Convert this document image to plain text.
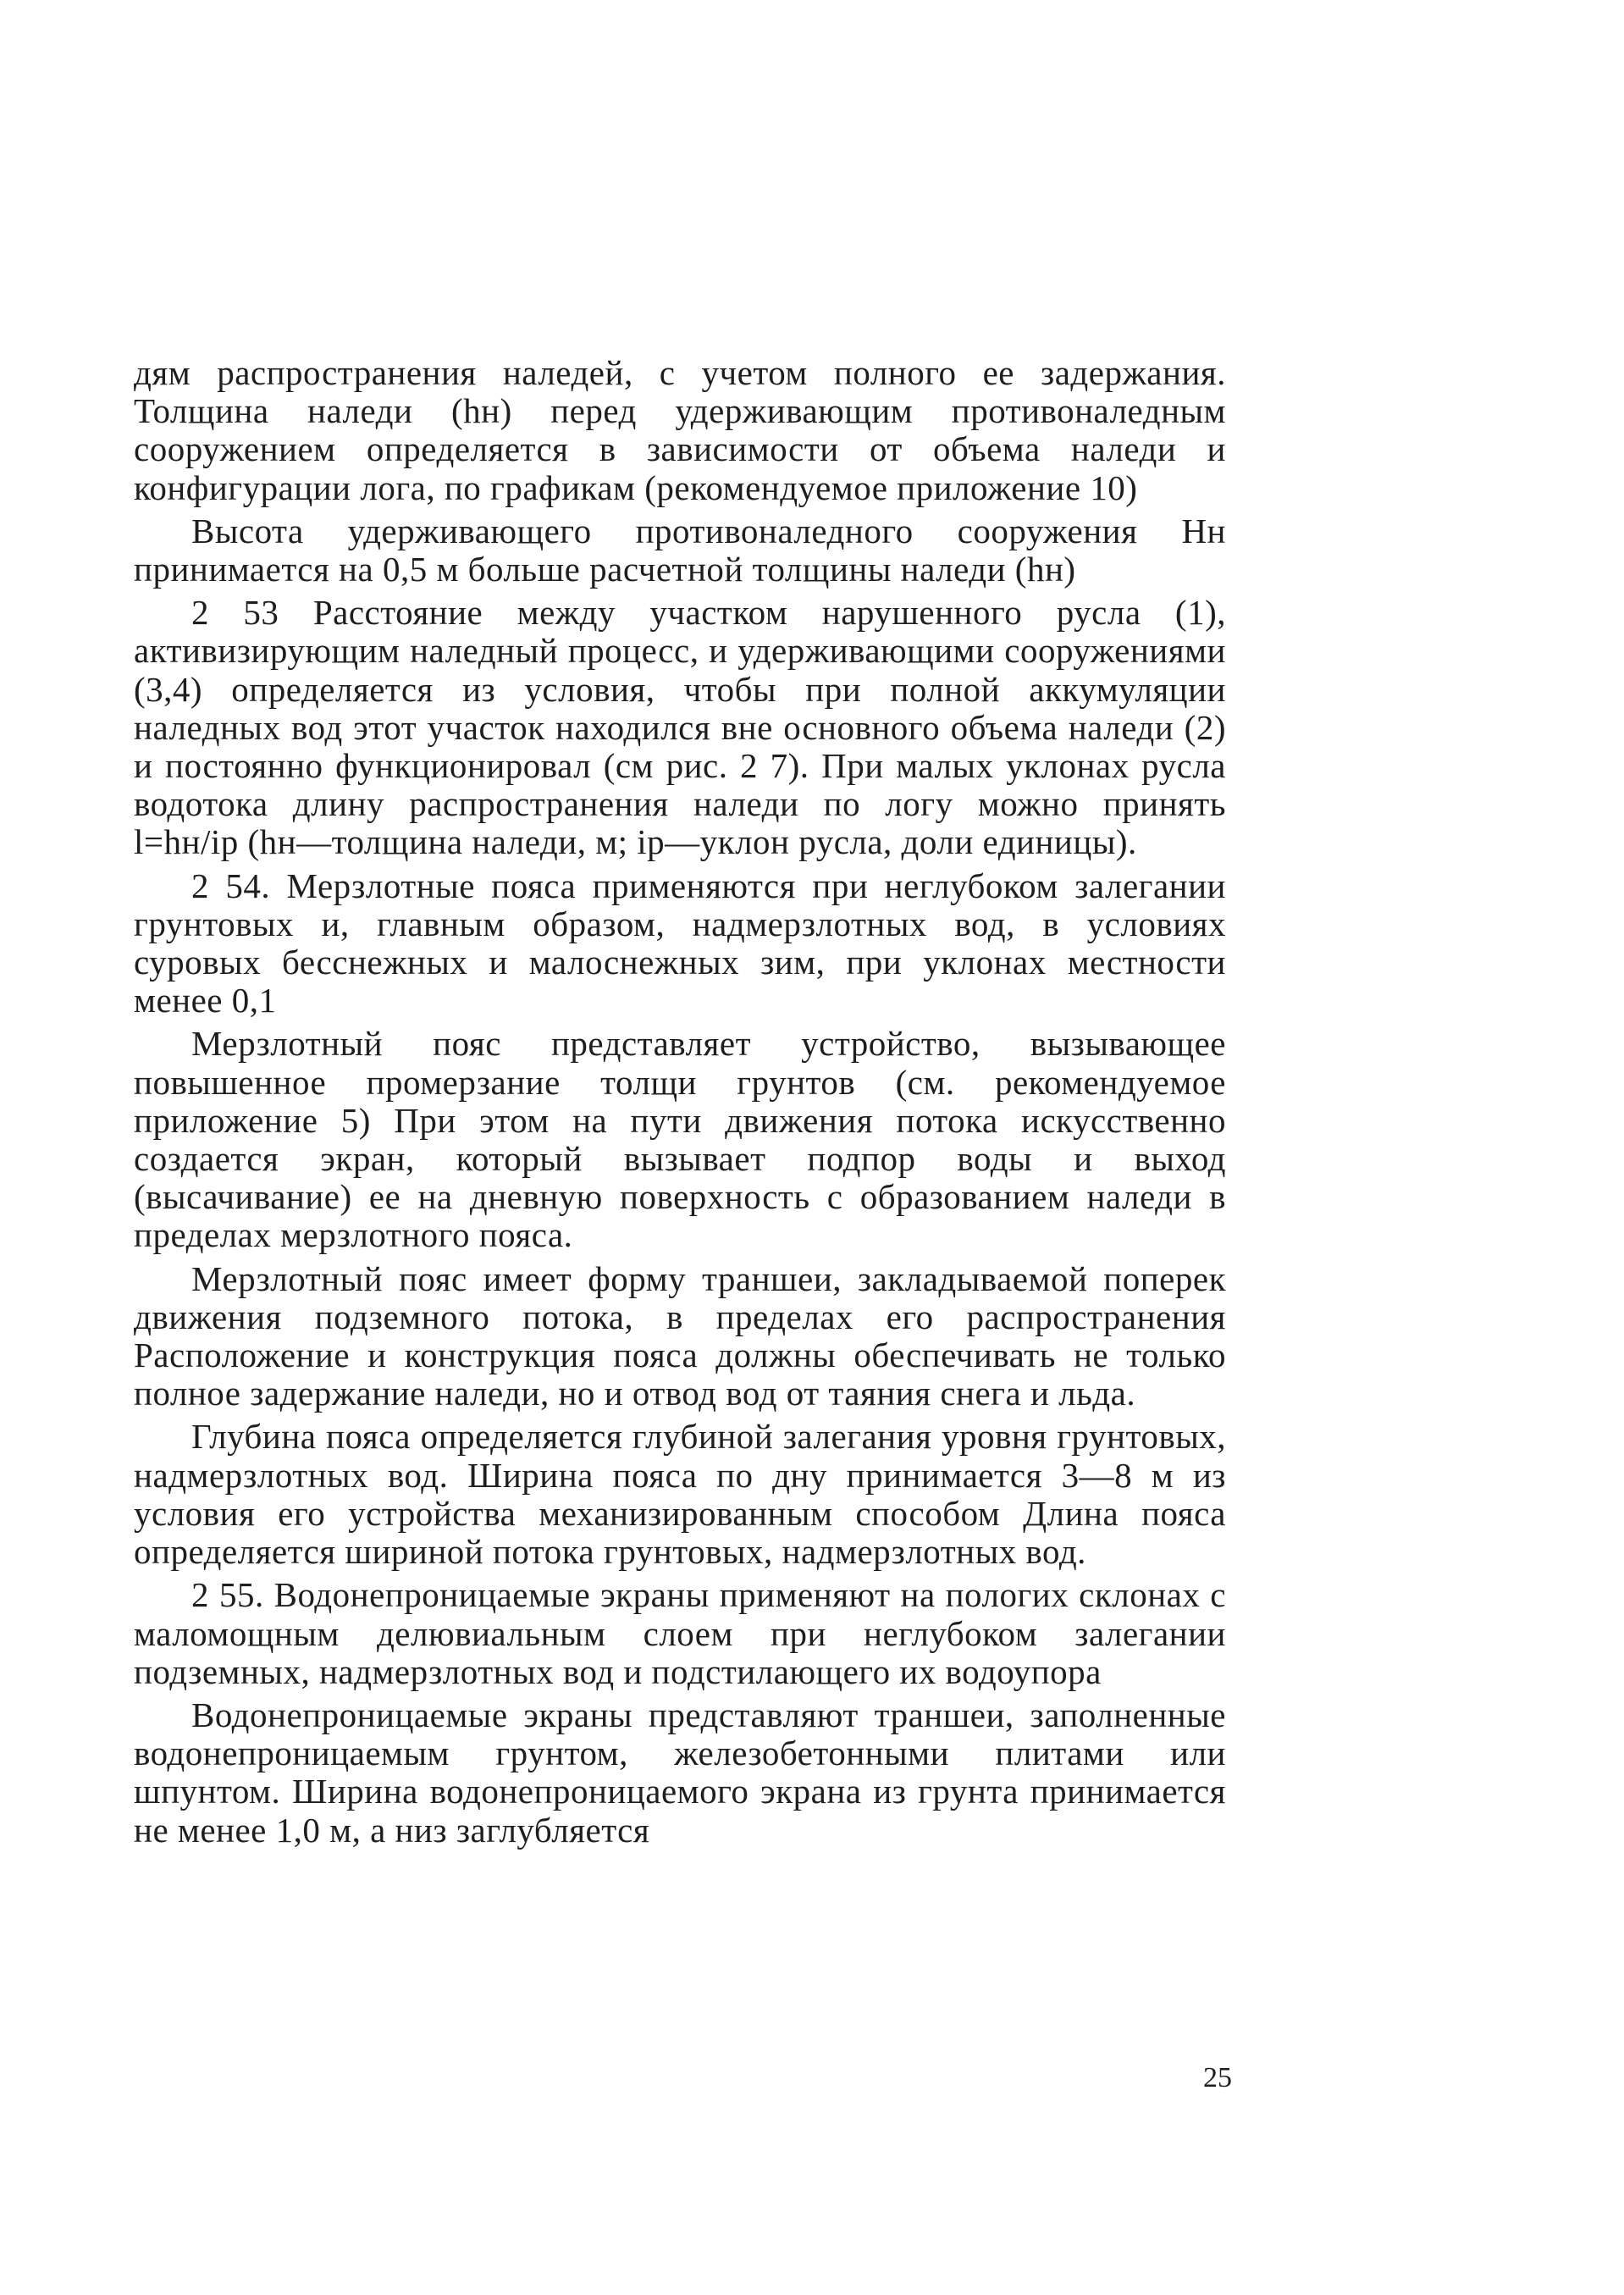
дям распространения наледей, с учетом полного ее задержания. Толщина наледи (hн) перед удерживающим противоналедным сооружением определяется в зависимости от объема наледи и конфигурации лога, по графикам (рекомендуемое приложение 10)

Высота удерживающего противоналедного сооружения Hн принимается на 0,5 м больше расчетной толщины наледи (hн)

2 53 Расстояние между участком нарушенного русла (1), активизирующим наледный процесс, и удерживающими сооружениями (3,4) определяется из условия, чтобы при полной аккумуляции наледных вод этот участок находился вне основного объема наледи (2) и постоянно функционировал (см рис. 2 7). При малых уклонах русла водотока длину распространения наледи по логу можно принять l=hн/iр (hн—толщина наледи, м; iр—уклон русла, доли единицы).

2 54. Мерзлотные пояса применяются при неглубоком залегании грунтовых и, главным образом, надмерзлотных вод, в условиях суровых бесснежных и малоснежных зим, при уклонах местности менее 0,1

Мерзлотный пояс представляет устройство, вызывающее повышенное промерзание толщи грунтов (см. рекомендуемое приложение 5) При этом на пути движения потока искусственно создается экран, который вызывает подпор воды и выход (высачивание) ее на дневную поверхность с образованием наледи в пределах мерзлотного пояса.

Мерзлотный пояс имеет форму траншеи, закладываемой поперек движения подземного потока, в пределах его распространения Расположение и конструкция пояса должны обеспечивать не только полное задержание наледи, но и отвод вод от таяния снега и льда.

Глубина пояса определяется глубиной залегания уровня грунтовых, надмерзлотных вод. Ширина пояса по дну принимается 3—8 м из условия его устройства механизированным способом Длина пояса определяется шириной потока грунтовых, надмерзлотных вод.

2 55. Водонепроницаемые экраны применяют на пологих склонах с маломощным делювиальным слоем при неглубоком залегании подземных, надмерзлотных вод и подстилающего их водоупора

Водонепроницаемые экраны представляют траншеи, заполненные водонепроницаемым грунтом, железобетонными плитами или шпунтом. Ширина водонепроницаемого экрана из грунта принимается не менее 1,0 м, а низ заглубляется

25
